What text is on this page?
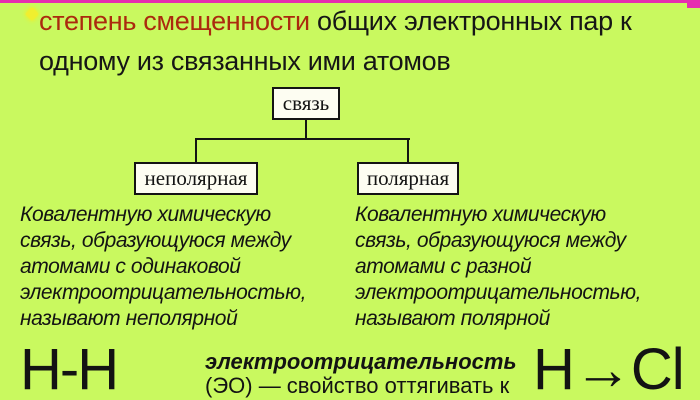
степень смещенности общих электронных пар к
одному из связанных ими атомов
связь
неполярная	полярная
Ковалентную химическую
связь, образующуюся между
атомами с одинаковой
электроотрицательностью,
называют неполярной
Ковалентную химическую
связь, образующуюся между
атомами с разной
электроотрицательностью,
называют полярной
H-H	электроотрицательность
(ЭО) — свойство оттягивать к H→Cl
